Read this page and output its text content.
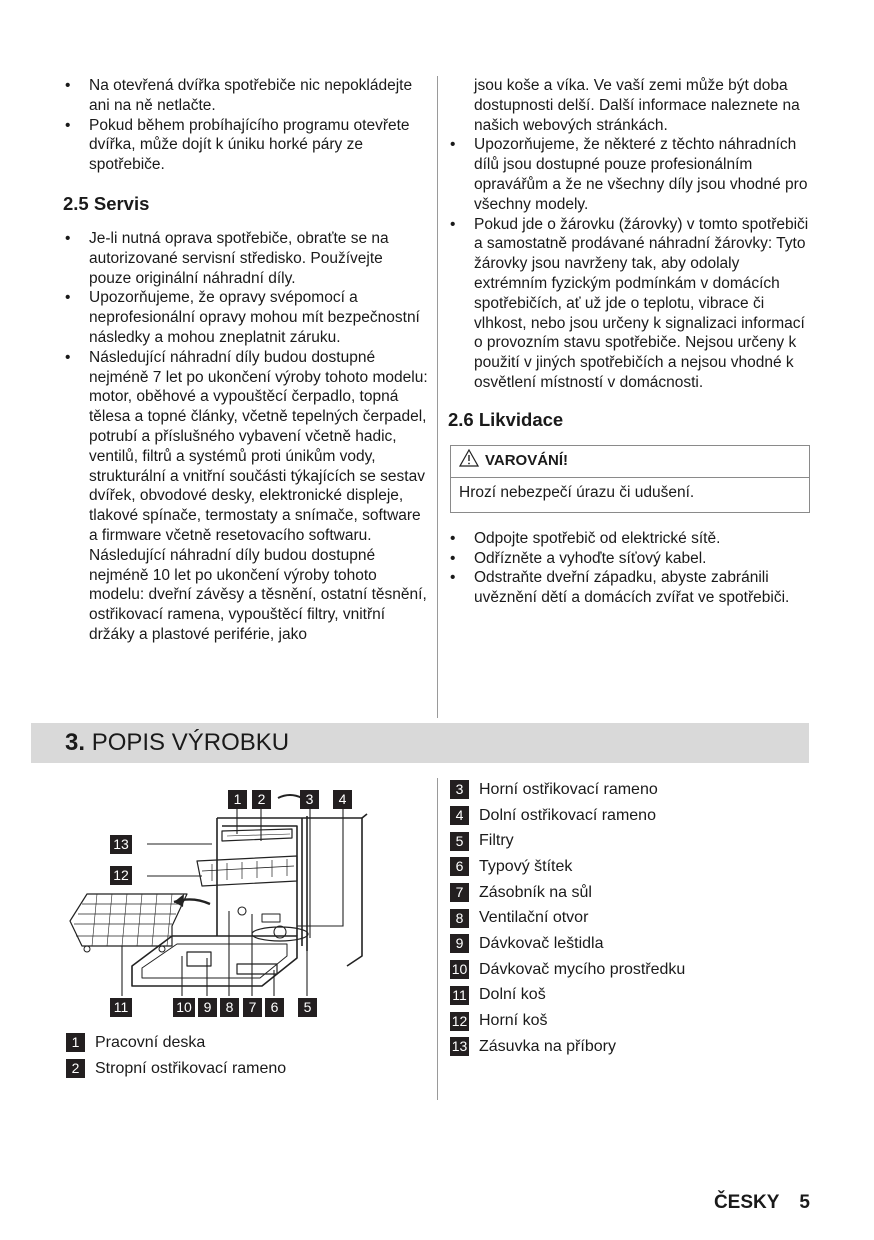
• Na otevřená dvířka spotřebiče nic nepokládejte ani na ně netlačte.
• Pokud během probíhajícího programu otevřete dvířka, může dojít k úniku horké páry ze spotřebiče.
2.5 Servis
• Je-li nutná oprava spotřebiče, obraťte se na autorizované servisní středisko. Používejte pouze originální náhradní díly.
• Upozorňujeme, že opravy svépomocí a neprofesionální opravy mohou mít bezpečnostní následky a mohou zneplatnit záruku.
• Následující náhradní díly budou dostupné nejméně 7 let po ukončení výroby tohoto modelu: motor, oběhové a vypouštěcí čerpadlo, topná tělesa a topné články, včetně tepelných čerpadel, potrubí a příslušného vybavení včetně hadic, ventilů, filtrů a systémů proti únikům vody, strukturální a vnitřní součásti týkajících se sestav dvířek, obvodové desky, elektronické displeje, tlakové spínače, termostaty a snímače, software a firmware včetně resetovacího softwaru. Následující náhradní díly budou dostupné nejméně 10 let po ukončení výroby tohoto modelu: dveřní závěsy a těsnění, ostatní těsnění, ostřikovací ramena, vypouštěcí filtry, vnitřní držáky a plastové periférie, jako
jsou koše a víka. Ve vaší zemi může být doba dostupnosti delší. Další informace naleznete na našich webových stránkách.
• Upozorňujeme, že některé z těchto náhradních dílů jsou dostupné pouze profesionálním opravářům a že ne všechny díly jsou vhodné pro všechny modely.
• Pokud jde o žárovku (žárovky) v tomto spotřebiči a samostatně prodávané náhradní žárovky: Tyto žárovky jsou navrženy tak, aby odolaly extrémním fyzickým podmínkám v domácích spotřebičích, ať už jde o teplotu, vibrace či vlhkost, nebo jsou určeny k signalizaci informací o provozním stavu spotřebiče. Nejsou určeny k použití v jiných spotřebičích a nejsou vhodné k osvětlení místností v domácnosti.
2.6 Likvidace
VAROVÁNÍ!
Hrozí nebezpečí úrazu či udušení.
• Odpojte spotřebič od elektrické sítě.
• Odřízněte a vyhoďte síťový kabel.
• Odstraňte dveřní západku, abyste zabránili uvěznění dětí a domácích zvířat ve spotřebiči.
3. POPIS VÝROBKU
1	2	3	4
13
12
11	10 9	8	7	6	5
1 Pracovní deska
2 Stropní ostřikovací rameno
3 Horní ostřikovací rameno
4 Dolní ostřikovací rameno
5 Filtry
6 Typový štítek
7 Zásobník na sůl
8 Ventilační otvor
9 Dávkovač leštidla
10 Dávkovač mycího prostředku
11 Dolní koš
12 Horní koš
13 Zásuvka na příbory
ČESKY 5
